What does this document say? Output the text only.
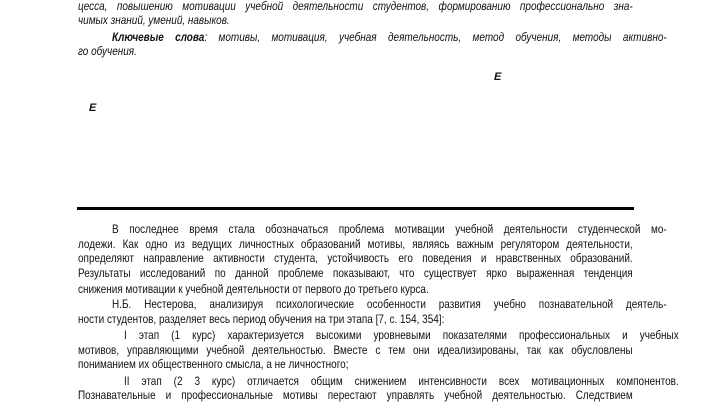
цесса, повышению мотивации учебной деятельности студентов, формированию профессионально зна-
чимых знаний, умений, навыков.
Ключевые слова: мотивы, мотивация, учебная деятельность, метод обучения, методы активно-
го обучения.
E
E
В последнее время стала обозначаться проблема мотивации учебной деятельности студенческой мо-
лодежи. Как одно из ведущих личностных образований мотивы, являясь важным регулятором деятельности,
определяют направление активности студента, устойчивость его поведения и нравственных образований.
Результаты исследований по данной проблеме показывают, что существует ярко выраженная тенденция
снижения мотивации к учебной деятельности от первого до третьего курса.
Н.Б. Нестерова, анализируя психологические особенности развития учебно познавательной деятель-
ности студентов, разделяет весь период обучения на три этапа [7, с. 154, 354]:
I этап (1 курс) характеризуется высокими уровневыми показателями профессиональных и учебных
мотивов, управляющими учебной деятельностью. Вместе с тем они идеализированы, так как обусловлены
пониманием их общественного смысла, а не личностного;
II этап (2 3 курс) отличается общим снижением интенсивности всех мотивационных компонентов.
Познавательные и профессиональные мотивы перестают управлять учебной деятельностью. Следствием
